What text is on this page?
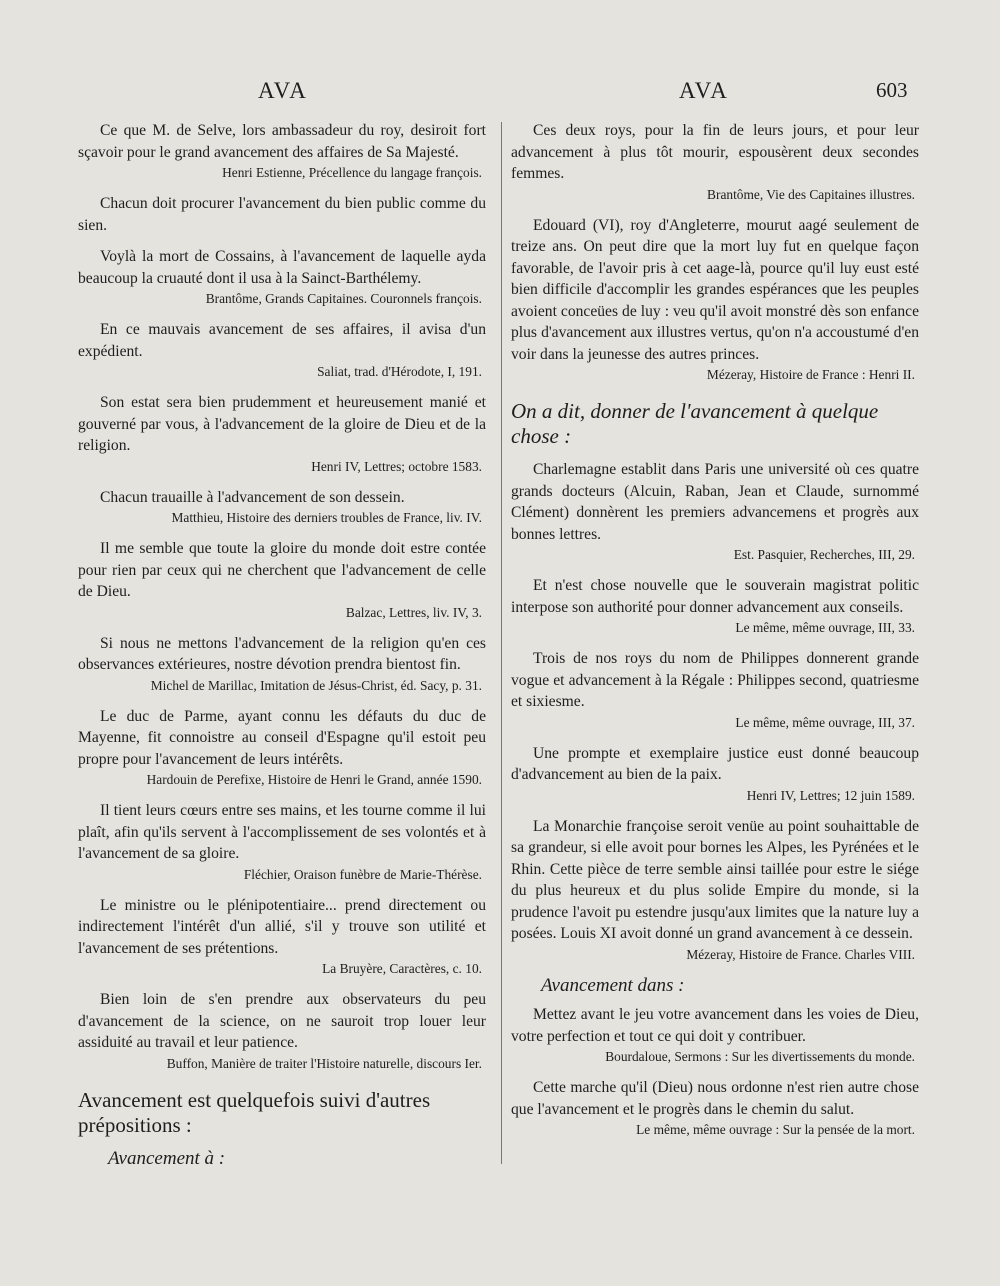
AVA	AVA	603
Ce que M. de Selve, lors ambassadeur du roy, desiroit fort sçavoir pour le grand avancement des affaires de Sa Majesté.
Henri Estienne, Précellence du langage françois.
Chacun doit procurer l'avancement du bien public comme du sien.
Voylà la mort de Cossains, à l'avancement de laquelle ayda beaucoup la cruauté dont il usa à la Sainct-Barthélemy.
Brantôme, Grands Capitaines. Couronnels françois.
En ce mauvais avancement de ses affaires, il avisa d'un expédient.
Saliat, trad. d'Hérodote, I, 191.
Son estat sera bien prudemment et heureusement manié et gouverné par vous, à l'advancement de la gloire de Dieu et de la religion.
Henri IV, Lettres; octobre 1583.
Chacun trauaille à l'advancement de son dessein.
Matthieu, Histoire des derniers troubles de France, liv. IV.
Il me semble que toute la gloire du monde doit estre contée pour rien par ceux qui ne cherchent que l'advancement de celle de Dieu.
Balzac, Lettres, liv. IV, 3.
Si nous ne mettons l'advancement de la religion qu'en ces observances extérieures, nostre dévotion prendra bientost fin.
Michel de Marillac, Imitation de Jésus-Christ, éd. Sacy, p. 31.
Le duc de Parme, ayant connu les défauts du duc de Mayenne, fit connoistre au conseil d'Espagne qu'il estoit peu propre pour l'avancement de leurs intérêts.
Hardouin de Perefixe, Histoire de Henri le Grand, année 1590.
Il tient leurs cœurs entre ses mains, et les tourne comme il lui plaît, afin qu'ils servent à l'accomplissement de ses volontés et à l'avancement de sa gloire.
Fléchier, Oraison funèbre de Marie-Thérèse.
Le ministre ou le plénipotentiaire... prend directement ou indirectement l'intérêt d'un allié, s'il y trouve son utilité et l'avancement de ses prétentions.
La Bruyère, Caractères, c. 10.
Bien loin de s'en prendre aux observateurs du peu d'avancement de la science, on ne sauroit trop louer leur assiduité au travail et leur patience.
Buffon, Manière de traiter l'Histoire naturelle, discours Ier.
Avancement est quelquefois suivi d'autres prépositions :
Avancement à :
Ces deux roys, pour la fin de leurs jours, et pour leur advancement à plus tôt mourir, espousèrent deux secondes femmes.
Brantôme, Vie des Capitaines illustres.
Edouard (VI), roy d'Angleterre, mourut aagé seulement de treize ans. On peut dire que la mort luy fut en quelque façon favorable, de l'avoir pris à cet aage-là, pource qu'il luy eust esté bien difficile d'accomplir les grandes espérances que les peuples avoient conceües de luy : veu qu'il avoit monstré dès son enfance plus d'avancement aux illustres vertus, qu'on n'a accoustumé d'en voir dans la jeunesse des autres princes.
Mézeray, Histoire de France : Henri II.
On a dit, donner de l'avancement à quelque chose :
Charlemagne establit dans Paris une université où ces quatre grands docteurs (Alcuin, Raban, Jean et Claude, surnommé Clément) donnèrent les premiers advancemens et progrès aux bonnes lettres.
Est. Pasquier, Recherches, III, 29.
Et n'est chose nouvelle que le souverain magistrat politic interpose son authorité pour donner advancement aux conseils.
Le même, même ouvrage, III, 33.
Trois de nos roys du nom de Philippes donnerent grande vogue et advancement à la Régale : Philippes second, quatriesme et sixiesme.
Le même, même ouvrage, III, 37.
Une prompte et exemplaire justice eust donné beaucoup d'advancement au bien de la paix.
Henri IV, Lettres; 12 juin 1589.
La Monarchie françoise seroit venüe au point souhaittable de sa grandeur, si elle avoit pour bornes les Alpes, les Pyrénées et le Rhin. Cette pièce de terre semble ainsi taillée pour estre le siége du plus heureux et du plus solide Empire du monde, si la prudence l'avoit pu estendre jusqu'aux limites que la nature luy a posées. Louis XI avoit donné un grand avancement à ce dessein.
Mézeray, Histoire de France. Charles VIII.
Avancement dans :
Mettez avant le jeu votre avancement dans les voies de Dieu, votre perfection et tout ce qui doit y contribuer.
Bourdaloue, Sermons : Sur les divertissements du monde.
Cette marche qu'il (Dieu) nous ordonne n'est rien autre chose que l'avancement et le progrès dans le chemin du salut.
Le même, même ouvrage : Sur la pensée de la mort.
